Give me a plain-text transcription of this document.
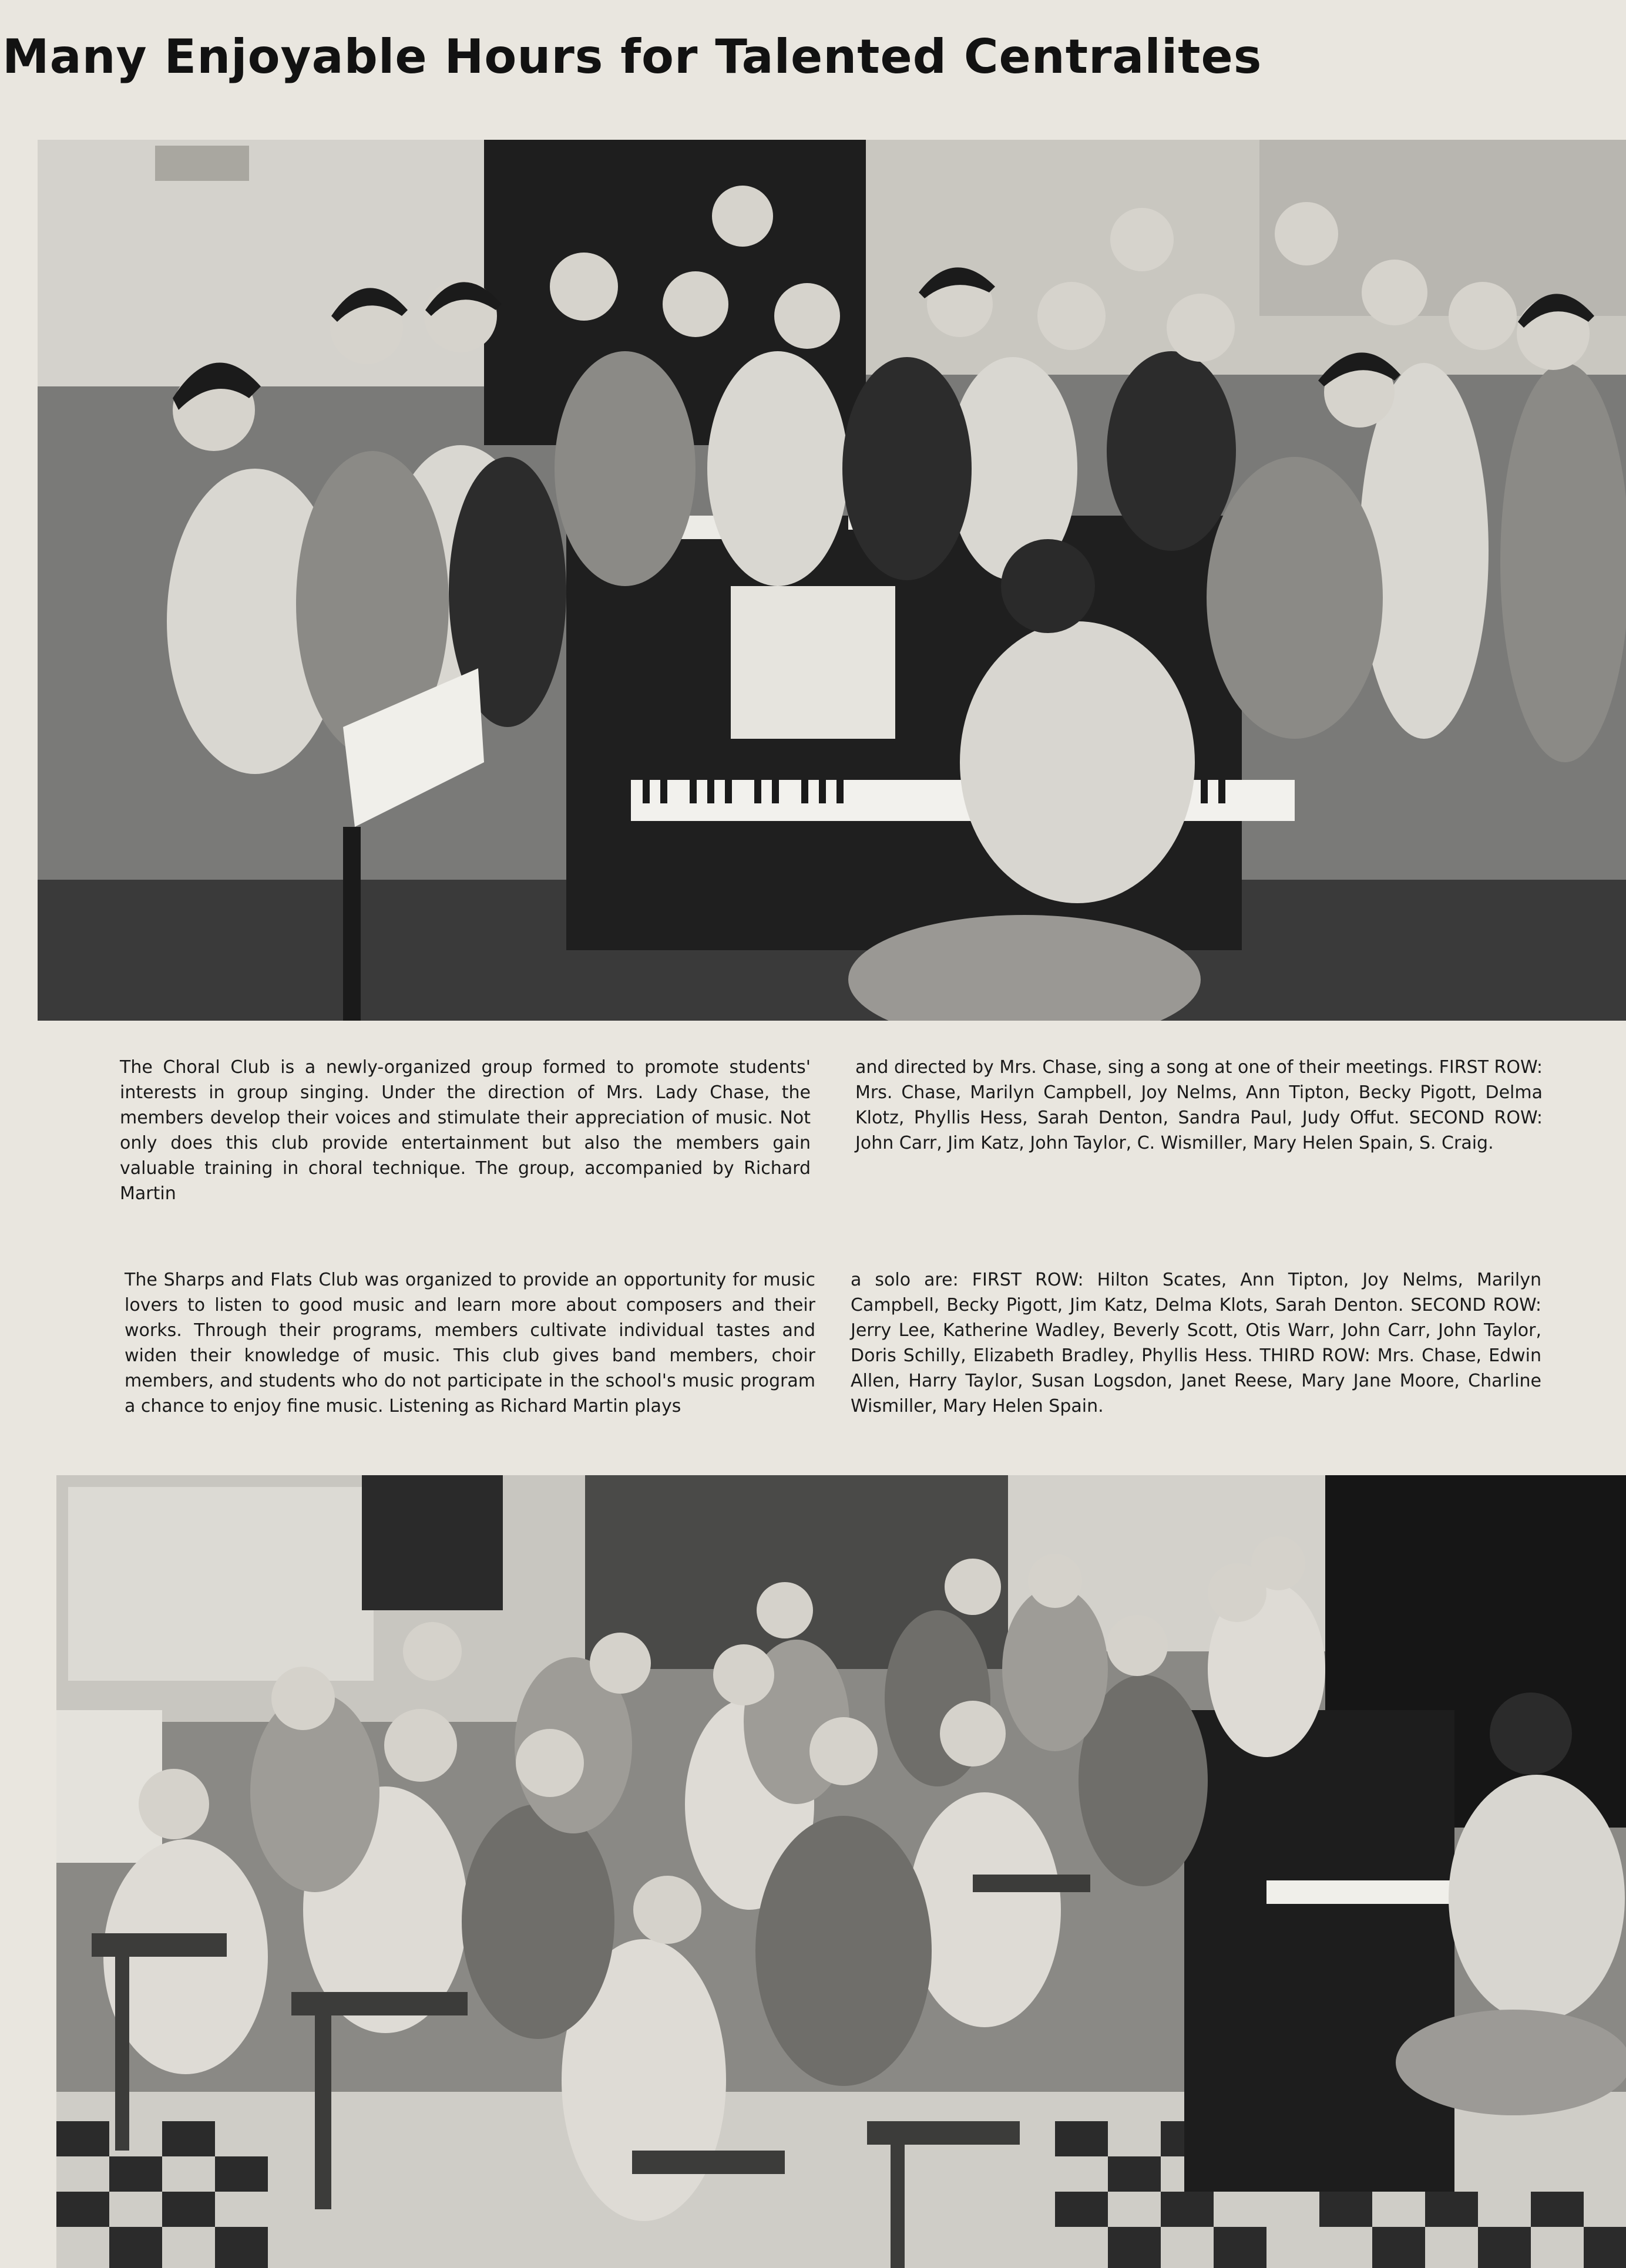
Many Enjoyable Hours for Talented Centralites

The Choral Club is a newly-organized group formed to promote students' interests in group singing. Under the direction of Mrs. Lady Chase, the members develop their voices and stimulate their appreciation of music. Not only does this club provide entertainment but also the members gain valuable training in choral technique. The group, accompanied by Richard Martin

and directed by Mrs. Chase, sing a song at one of their meetings. FIRST ROW: Mrs. Chase, Marilyn Campbell, Joy Nelms, Ann Tipton, Becky Pigott, Delma Klotz, Phyllis Hess, Sarah Denton, Sandra Paul, Judy Offut. SECOND ROW: John Carr, Jim Katz, John Taylor, C. Wismiller, Mary Helen Spain, S. Craig.

The Sharps and Flats Club was organized to provide an opportunity for music lovers to listen to good music and learn more about composers and their works. Through their programs, members cultivate individual tastes and widen their knowledge of music. This club gives band members, choir members, and students who do not participate in the school's music program a chance to enjoy fine music. Listening as Richard Martin plays

a solo are: FIRST ROW: Hilton Scates, Ann Tipton, Joy Nelms, Marilyn Campbell, Becky Pigott, Jim Katz, Delma Klots, Sarah Denton. SECOND ROW: Jerry Lee, Katherine Wadley, Beverly Scott, Otis Warr, John Carr, John Taylor, Doris Schilly, Elizabeth Bradley, Phyllis Hess. THIRD ROW: Mrs. Chase, Edwin Allen, Harry Taylor, Susan Logsdon, Janet Reese, Mary Jane Moore, Charline Wismiller, Mary Helen Spain.
